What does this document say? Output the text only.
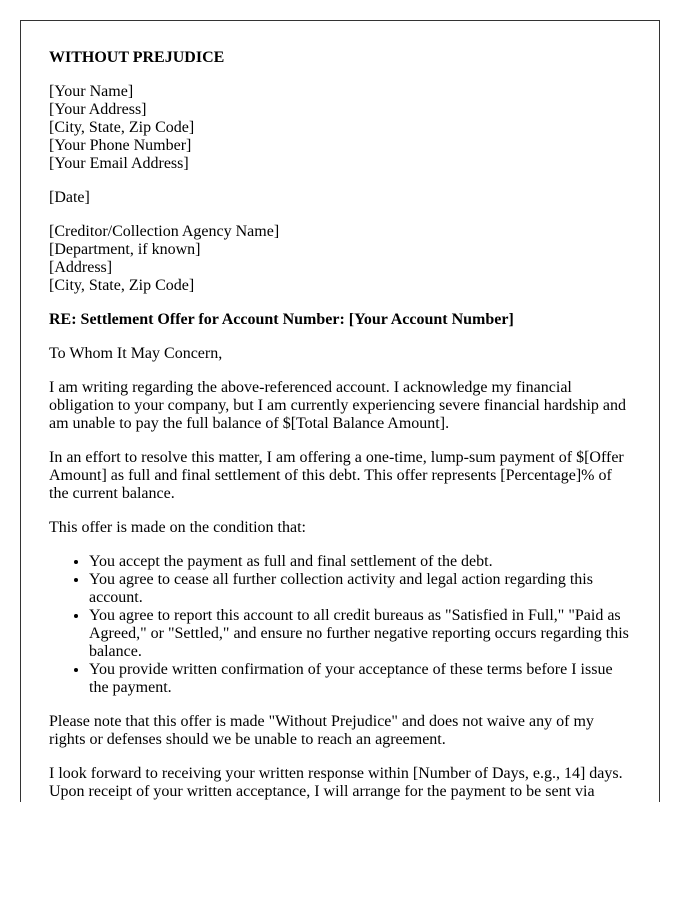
WITHOUT PREJUDICE

[Your Name]
[Your Address]
[City, State, Zip Code]
[Your Phone Number]
[Your Email Address]

[Date]

[Creditor/Collection Agency Name]
[Department, if known]
[Address]
[City, State, Zip Code]

RE: Settlement Offer for Account Number: [Your Account Number]

To Whom It May Concern,

I am writing regarding the above-referenced account. I acknowledge my financial obligation to your company, but I am currently experiencing severe financial hardship and am unable to pay the full balance of $[Total Balance Amount].

In an effort to resolve this matter, I am offering a one-time, lump-sum payment of $[Offer Amount] as full and final settlement of this debt. This offer represents [Percentage]% of the current balance.

This offer is made on the condition that:

• You accept the payment as full and final settlement of the debt.
• You agree to cease all further collection activity and legal action regarding this account.
• You agree to report this account to all credit bureaus as "Satisfied in Full," "Paid as Agreed," or "Settled," and ensure no further negative reporting occurs regarding this balance.
• You provide written confirmation of your acceptance of these terms before I issue the payment.

Please note that this offer is made "Without Prejudice" and does not waive any of my rights or defenses should we be unable to reach an agreement.

I look forward to receiving your written response within [Number of Days, e.g., 14] days. Upon receipt of your written acceptance, I will arrange for the payment to be sent via
